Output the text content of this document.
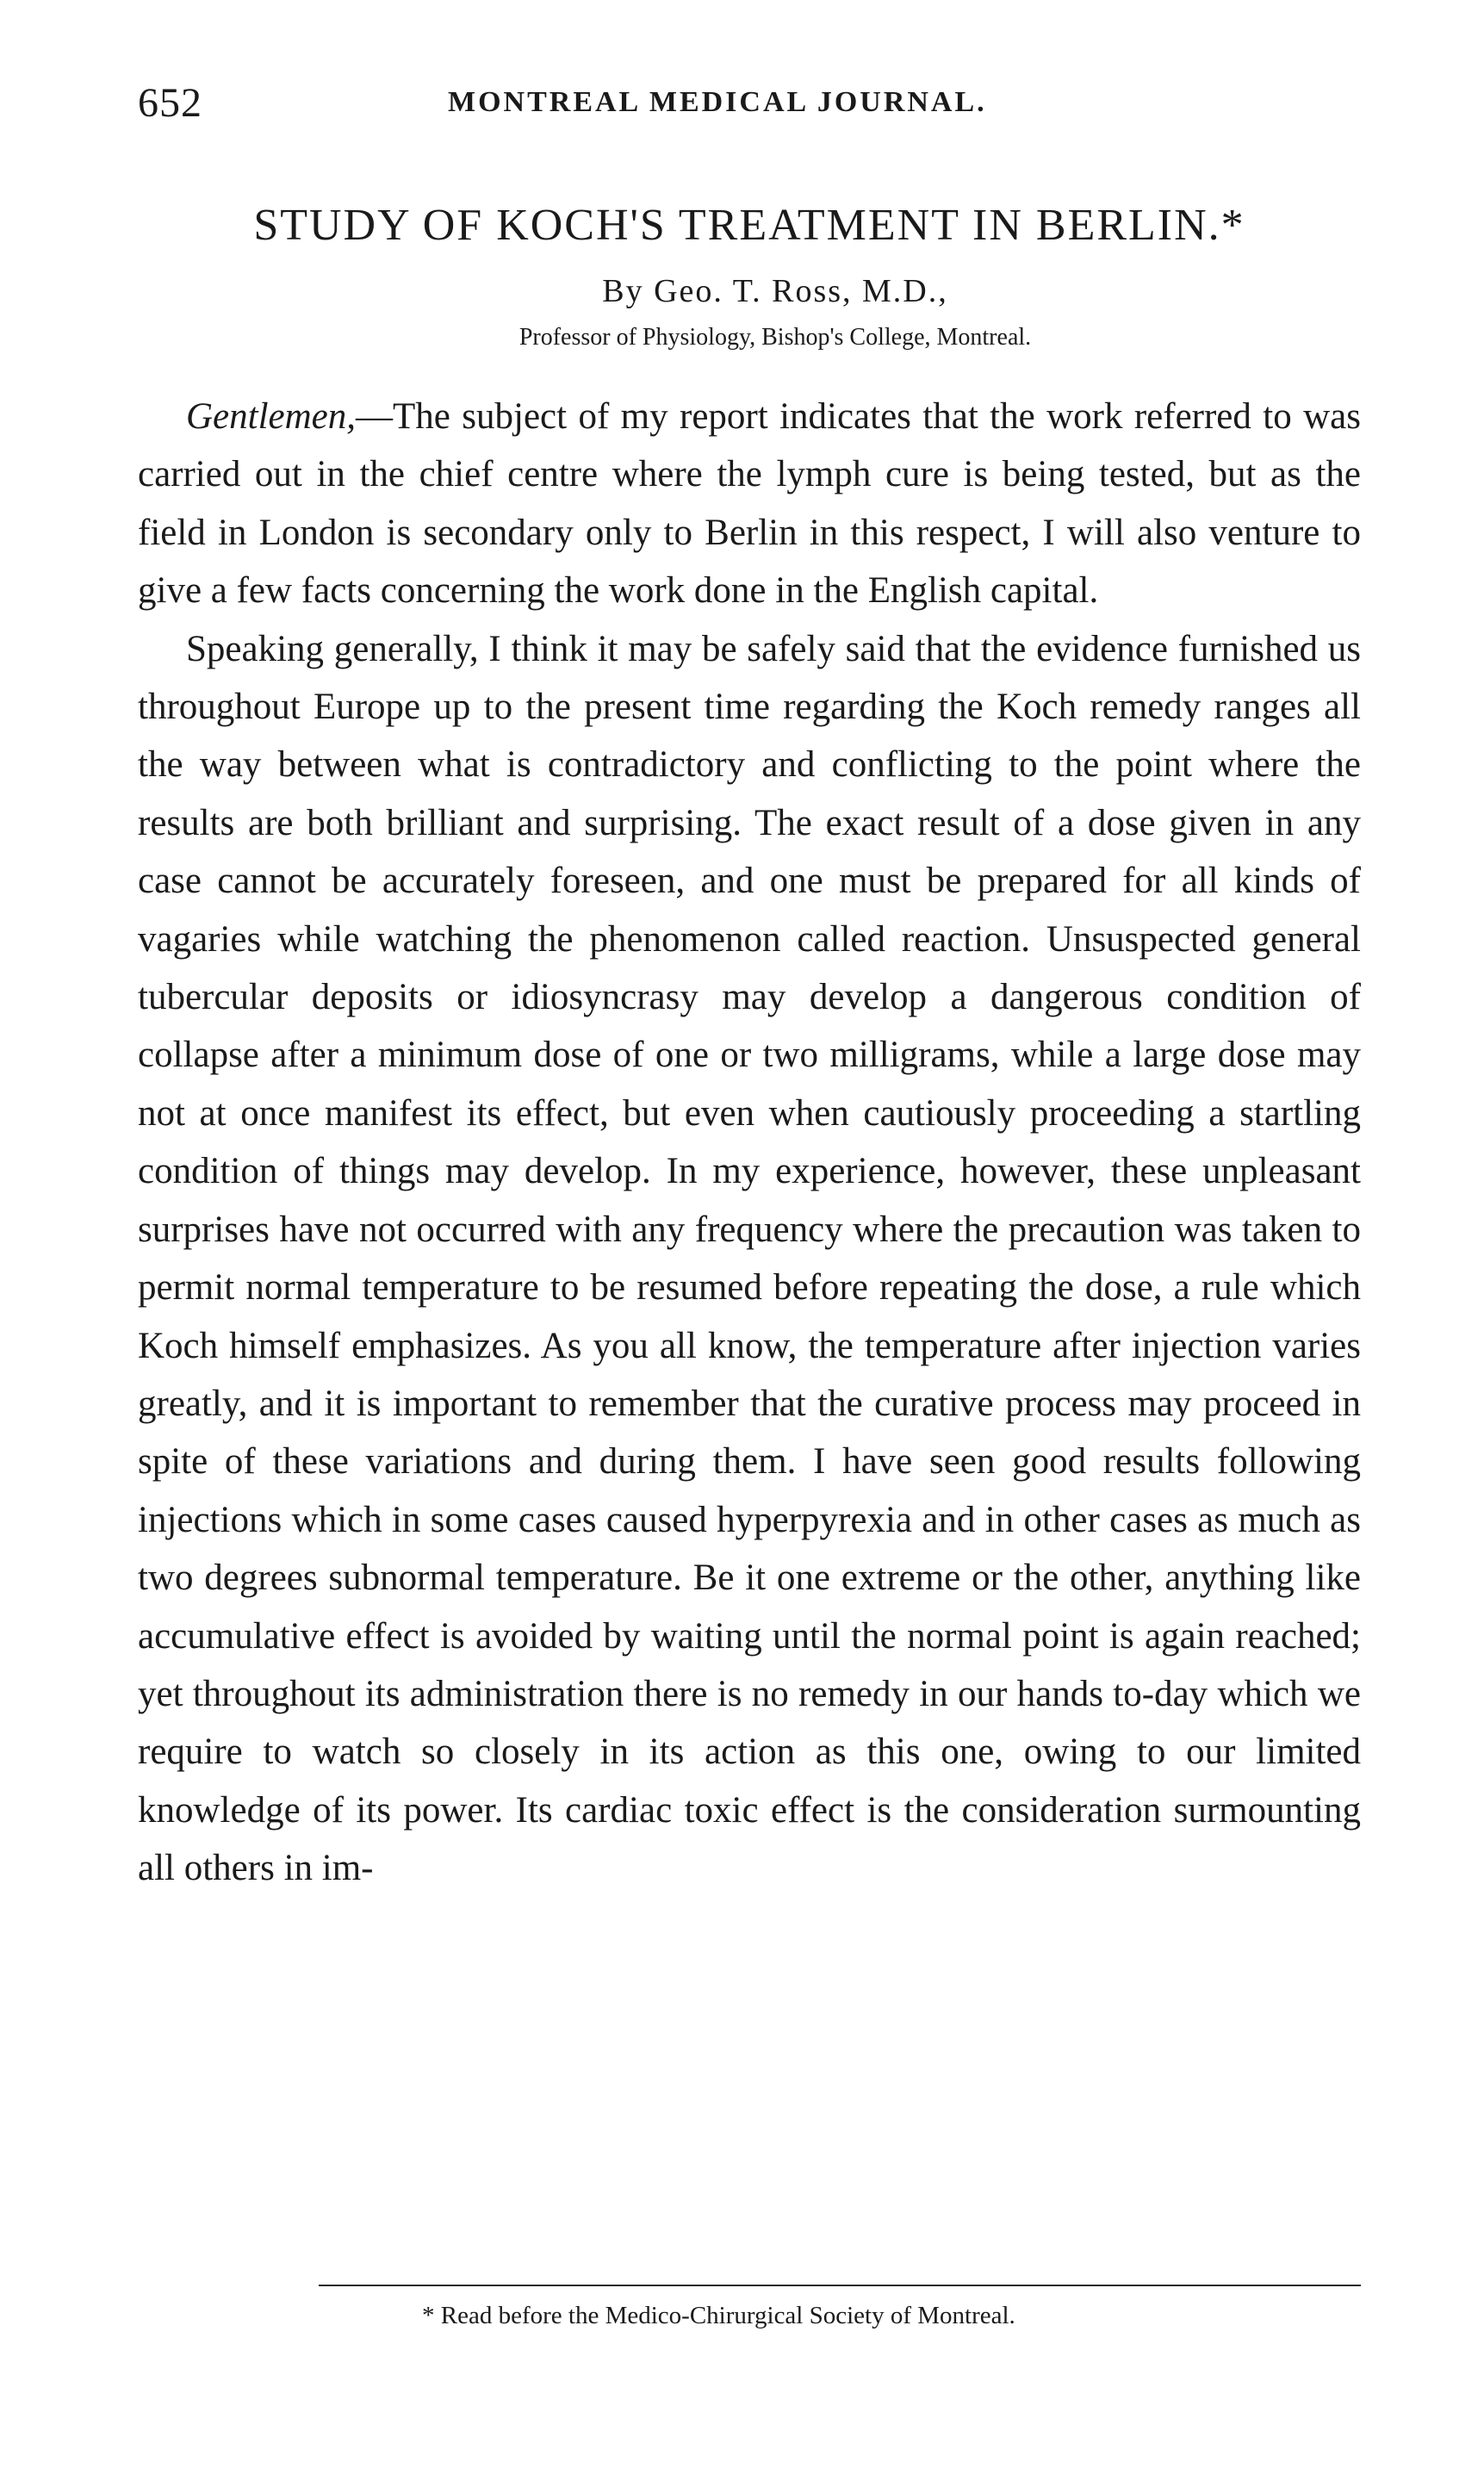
652	MONTREAL MEDICAL JOURNAL.
STUDY OF KOCH'S TREATMENT IN BERLIN.*
By Geo. T. Ross, M.D.,
Professor of Physiology, Bishop's College, Montreal.

Gentlemen,—The subject of my report indicates that the work referred to was carried out in the chief centre where the lymph cure is being tested, but as the field in London is secondary only to Berlin in this respect, I will also venture to give a few facts concerning the work done in the English capital.

Speaking generally, I think it may be safely said that the evidence furnished us throughout Europe up to the present time regarding the Koch remedy ranges all the way between what is contradictory and conflicting to the point where the results are both brilliant and surprising. The exact result of a dose given in any case cannot be accurately foreseen, and one must be prepared for all kinds of vagaries while watching the phenomenon called reaction. Unsuspected general tubercular deposits or idiosyncrasy may develop a dangerous condition of collapse after a minimum dose of one or two milligrams, while a large dose may not at once manifest its effect, but even when cautiously proceeding a startling condition of things may develop. In my experience, however, these unpleasant surprises have not occurred with any frequency where the precaution was taken to permit normal temperature to be resumed before repeating the dose, a rule which Koch himself emphasizes. As you all know, the temperature after injection varies greatly, and it is important to remember that the curative process may proceed in spite of these variations and during them. I have seen good results following injections which in some cases caused hyperpyrexia and in other cases as much as two degrees subnormal temperature. Be it one extreme or the other, anything like accumulative effect is avoided by waiting until the normal point is again reached; yet throughout its administration there is no remedy in our hands to-day which we require to watch so closely in its action as this one, owing to our limited knowledge of its power. Its cardiac toxic effect is the consideration surmounting all others in im-

* Read before the Medico-Chirurgical Society of Montreal.
